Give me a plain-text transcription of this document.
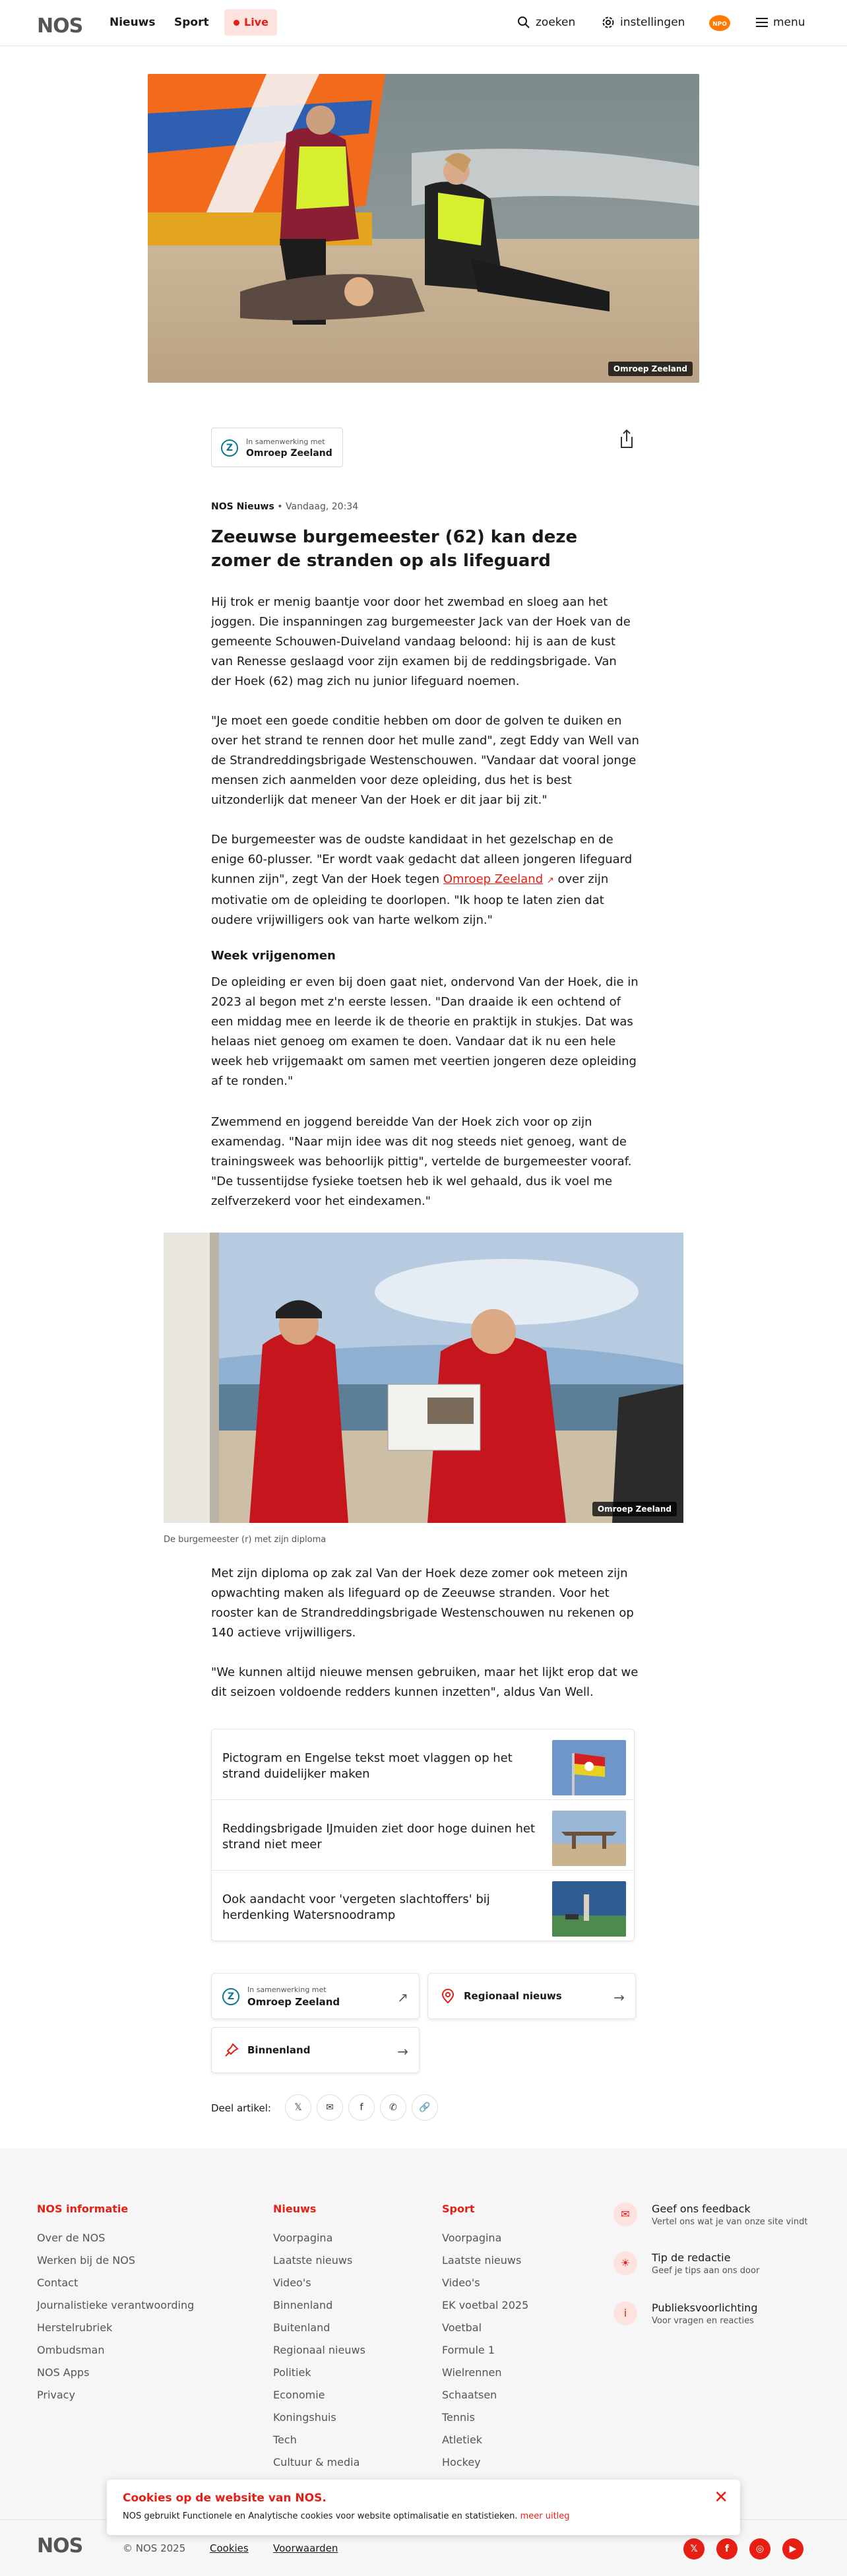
NOS Nieuws Sport	Live	zoeken	instellingen	NPO	menu
Omroep Zeeland
Z
In samenwerking met
Omroep Zeeland
NOS Nieuws • Vandaag, 20:34
Zeeuwse burgemeester (62) kan deze zomer de stranden op als lifeguard

Hij trok er menig baantje voor door het zwembad en sloeg aan het joggen. Die inspanningen zag burgemeester Jack van der Hoek van de gemeente Schouwen-Duiveland vandaag beloond: hij is aan de kust van Renesse geslaagd voor zijn examen bij de reddingsbrigade. Van der Hoek (62) mag zich nu junior lifeguard noemen.

"Je moet een goede conditie hebben om door de golven te duiken en over het strand te rennen door het mulle zand", zegt Eddy van Well van de Strandreddingsbrigade Westenschouwen. "Vandaar dat vooral jonge mensen zich aanmelden voor deze opleiding, dus het is best uitzonderlijk dat meneer Van der Hoek er dit jaar bij zit."

De burgemeester was de oudste kandidaat in het gezelschap en de enige 60-plusser. "Er wordt vaak gedacht dat alleen jongeren lifeguard kunnen zijn", zegt Van der Hoek tegen Omroep Zeeland ↗ over zijn motivatie om de opleiding te doorlopen. "Ik hoop te laten zien dat oudere vrijwilligers ook van harte welkom zijn."

Week vrijgenomen

De opleiding er even bij doen gaat niet, ondervond Van der Hoek, die in 2023 al begon met z'n eerste lessen. "Dan draaide ik een ochtend of een middag mee en leerde ik de theorie en praktijk in stukjes. Dat was helaas niet genoeg om examen te doen. Vandaar dat ik nu een hele week heb vrijgemaakt om samen met veertien jongeren deze opleiding af te ronden."

Zwemmend en joggend bereidde Van der Hoek zich voor op zijn examendag. "Naar mijn idee was dit nog steeds niet genoeg, want de trainingsweek was behoorlijk pittig", vertelde de burgemeester vooraf. "De tussentijdse fysieke toetsen heb ik wel gehaald, dus ik voel me zelfverzekerd voor het eindexamen."

Omroep Zeeland
De burgemeester (r) met zijn diploma

Met zijn diploma op zak zal Van der Hoek deze zomer ook meteen zijn opwachting maken als lifeguard op de Zeeuwse stranden. Voor het rooster kan de Strandreddingsbrigade Westenschouwen nu rekenen op 140 actieve vrijwilligers.

"We kunnen altijd nieuwe mensen gebruiken, maar het lijkt erop dat we dit seizoen voldoende redders kunnen inzetten", aldus Van Well.

Pictogram en Engelse tekst moet vlaggen op het strand duidelijker maken
Reddingsbrigade IJmuiden ziet door hoge duinen het strand niet meer
Ook aandacht voor 'vergeten slachtoffers' bij herdenking Watersnoodramp
Z
In samenwerking met
Omroep Zeeland	↗	Regionaal nieuws	→
Binnenland	→
Deel artikel:	𝕏	✉	f	✆	🔗
NOS informatie
Over de NOS
Werken bij de NOS
Contact
Journalistieke verantwoording
Herstelrubriek
Ombudsman
NOS Apps
Privacy
Nieuws
Voorpagina
Laatste nieuws
Video's
Binnenland
Buitenland
Regionaal nieuws
Politiek
Economie
Koningshuis
Tech
Cultuur & media
Sport
Voorpagina
Laatste nieuws
Video's
EK voetbal 2025
Voetbal
Formule 1
Wielrennen
Schaatsen
Tennis
Atletiek
Hockey
✉	Geef ons feedback
Vertel ons wat je van onze site vindt
☀	Tip de redactie
Geef je tips aan ons door
i	Publieksvoorlichting
Voor vragen en reacties
NOS	© NOS 2025 Cookies Voorwaarden	𝕏	f	◎	▶
Cookies op de website van NOS.
NOS gebruikt Functionele en Analytische cookies voor website optimalisatie en statistieken. meer uitleg
✕
